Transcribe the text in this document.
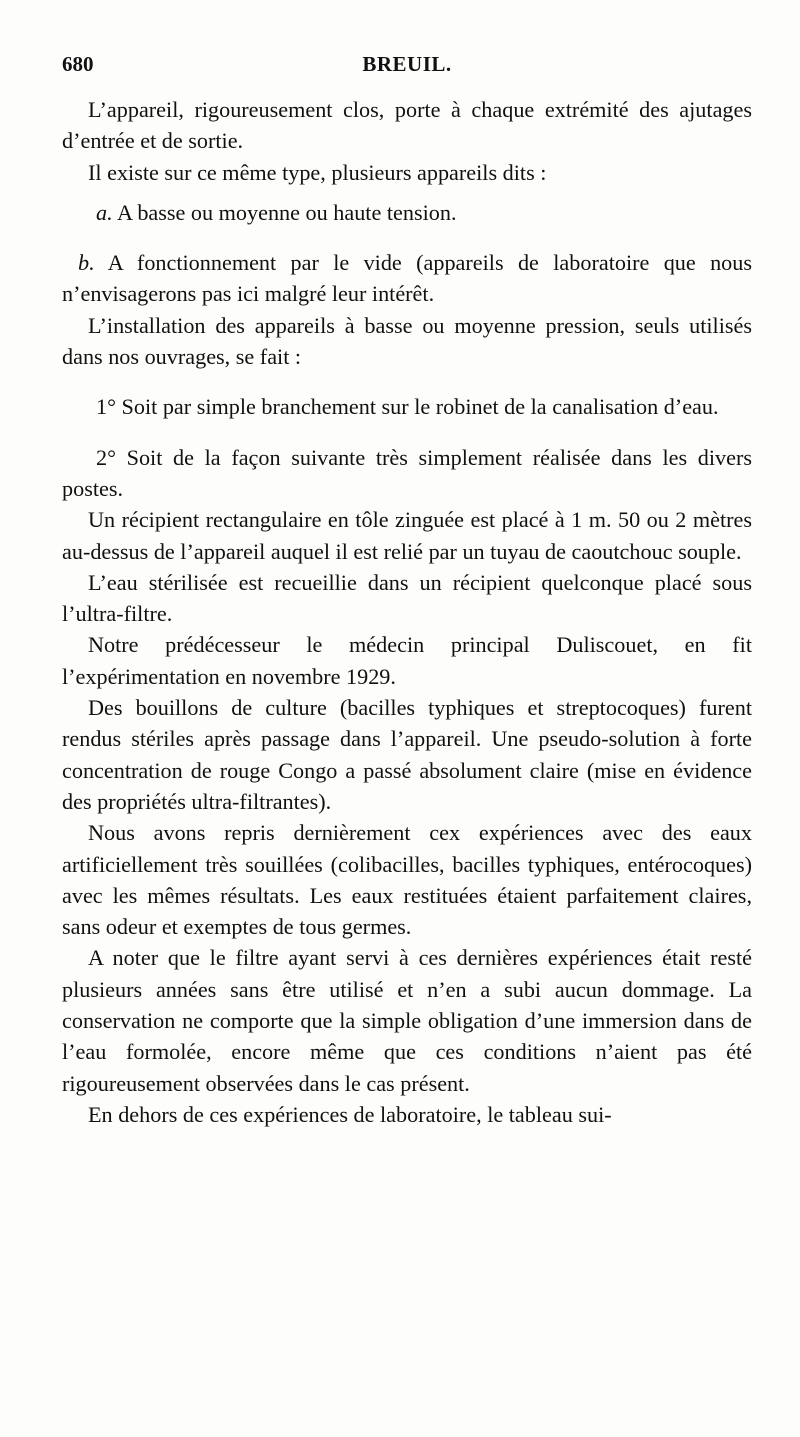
680	BREUIL.

L’appareil, rigoureusement clos, porte à chaque extrémité des ajutages d’entrée et de sortie.

Il existe sur ce même type, plusieurs appareils dits :

a. A basse ou moyenne ou haute tension.

b. A fonctionnement par le vide (appareils de laboratoire que nous n’envisagerons pas ici malgré leur intérêt.

L’installation des appareils à basse ou moyenne pression, seuls utilisés dans nos ouvrages, se fait :

1° Soit par simple branchement sur le robinet de la canalisation d’eau.

2° Soit de la façon suivante très simplement réalisée dans les divers postes.

Un récipient rectangulaire en tôle zinguée est placé à 1 m. 50 ou 2 mètres au-dessus de l’appareil auquel il est relié par un tuyau de caoutchouc souple.

L’eau stérilisée est recueillie dans un récipient quelconque placé sous l’ultra-filtre.

Notre prédécesseur le médecin principal Duliscouet, en fit l’expérimentation en novembre 1929.

Des bouillons de culture (bacilles typhiques et streptocoques) furent rendus stériles après passage dans l’appareil. Une pseudo-solution à forte concentration de rouge Congo a passé absolument claire (mise en évidence des propriétés ultra-filtrantes).

Nous avons repris dernièrement cex expériences avec des eaux artificiellement très souillées (colibacilles, bacilles typhiques, entérocoques) avec les mêmes résultats. Les eaux restituées étaient parfaitement claires, sans odeur et exemptes de tous germes.

A noter que le filtre ayant servi à ces dernières expériences était resté plusieurs années sans être utilisé et n’en a subi aucun dommage. La conservation ne comporte que la simple obligation d’une immersion dans de l’eau formolée, encore même que ces conditions n’aient pas été rigoureusement observées dans le cas présent.

En dehors de ces expériences de laboratoire, le tableau sui-
